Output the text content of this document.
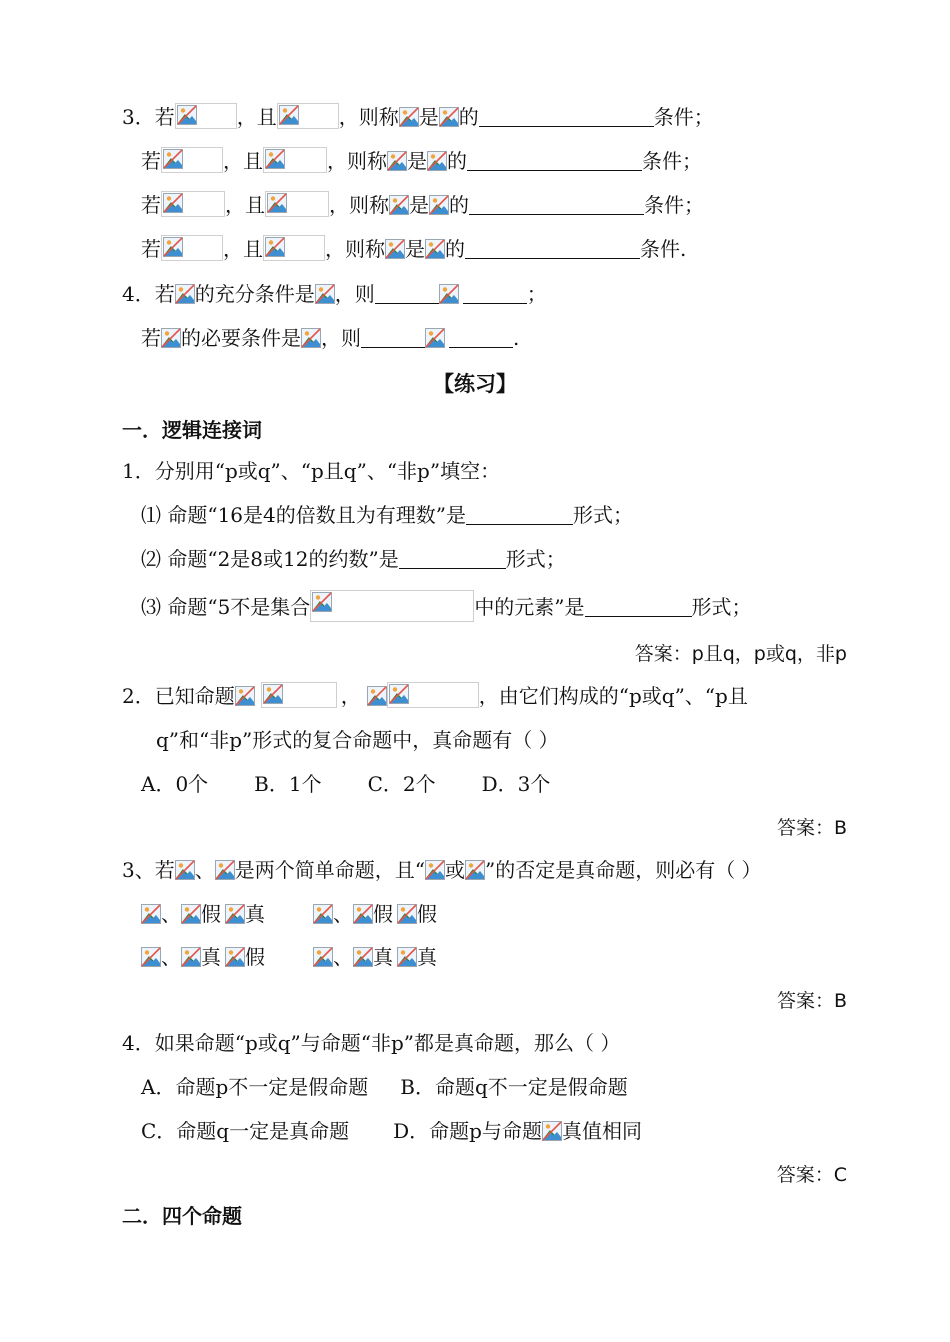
3．若	，且	，则称 是 的	条件；
若	，且	，则称 是 的	条件；
若	，且	，则称 是 的	条件；
若	，且	，则称 是 的	条件.
4．若 的充分条件是 ，则	；
若 的必要条件是 ，则	.
【练习】
一．逻辑连接词
1．分别用“p或q”、“p且q”、“非p”填空：
⑴ 命题“16是4的倍数且为有理数”是	形式；
⑵ 命题“2是8或12的约数”是	形式；
⑶ 命题“5不是集合	中的元素”是	形式；
答案：p且q，p或q，非p
2．已知命题	，	，由它们构成的“p或q”、“p且
q”和“非p”形式的复合命题中，真命题有（ ）
A．0个 B．1个 C．2个 D．3个
答案：B
3、若 、 是两个简单命题，且“ 或 ”的否定是真命题，则必有（ ）
、 假 真	、 假 假
、 真 假	、 真 真
答案：B
4．如果命题“p或q”与命题“非p”都是真命题，那么（ ）
A．命题p不一定是假命题 B．命题q不一定是假命题
C．命题q一定是真命题 D．命题p与命题 真值相同
答案：C
二．四个命题
